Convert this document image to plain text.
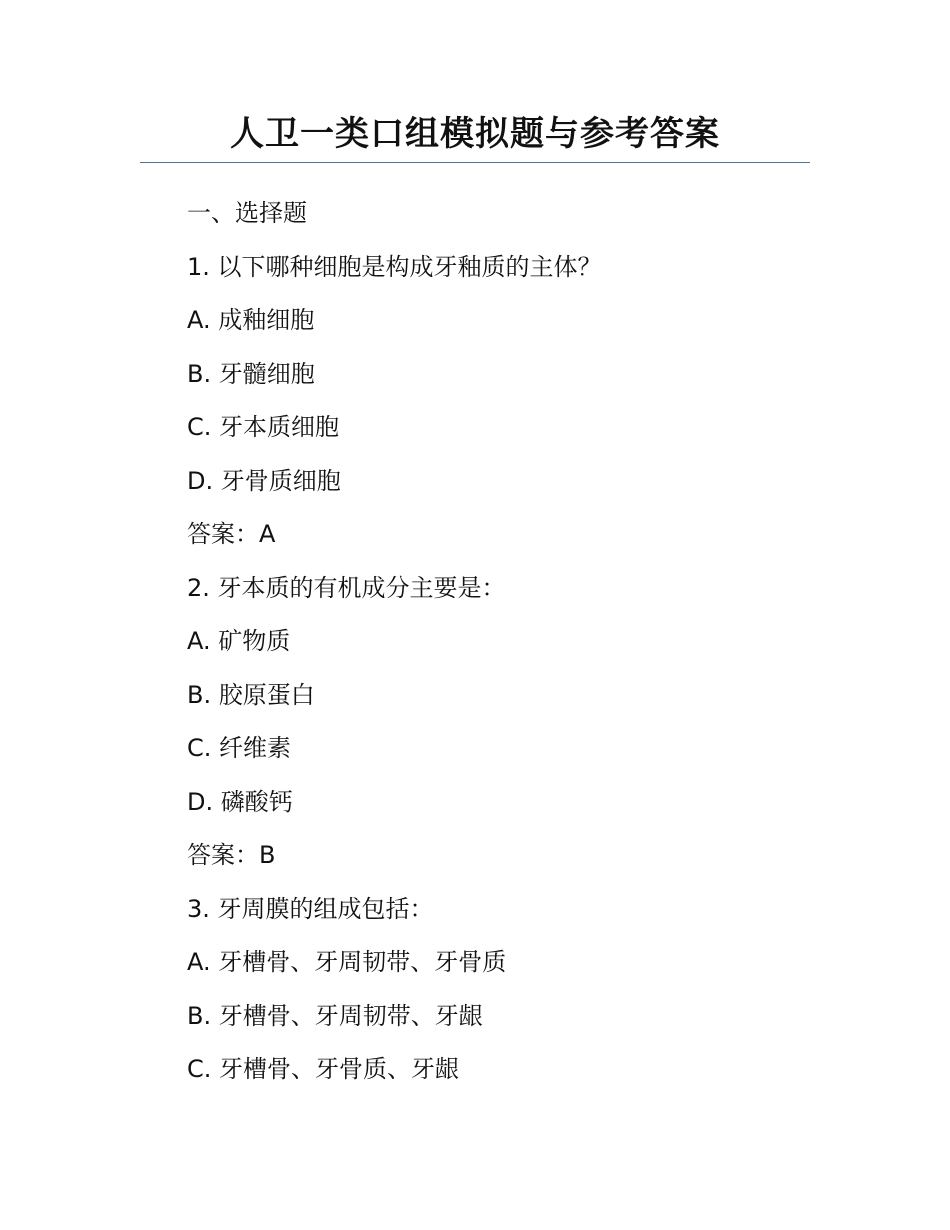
人卫一类口组模拟题与参考答案
一、选择题
1. 以下哪种细胞是构成牙釉质的主体？
A. 成釉细胞
B. 牙髓细胞
C. 牙本质细胞
D. 牙骨质细胞
答案：A
2. 牙本质的有机成分主要是：
A. 矿物质
B. 胶原蛋白
C. 纤维素
D. 磷酸钙
答案：B
3. 牙周膜的组成包括：
A. 牙槽骨、牙周韧带、牙骨质
B. 牙槽骨、牙周韧带、牙龈
C. 牙槽骨、牙骨质、牙龈
